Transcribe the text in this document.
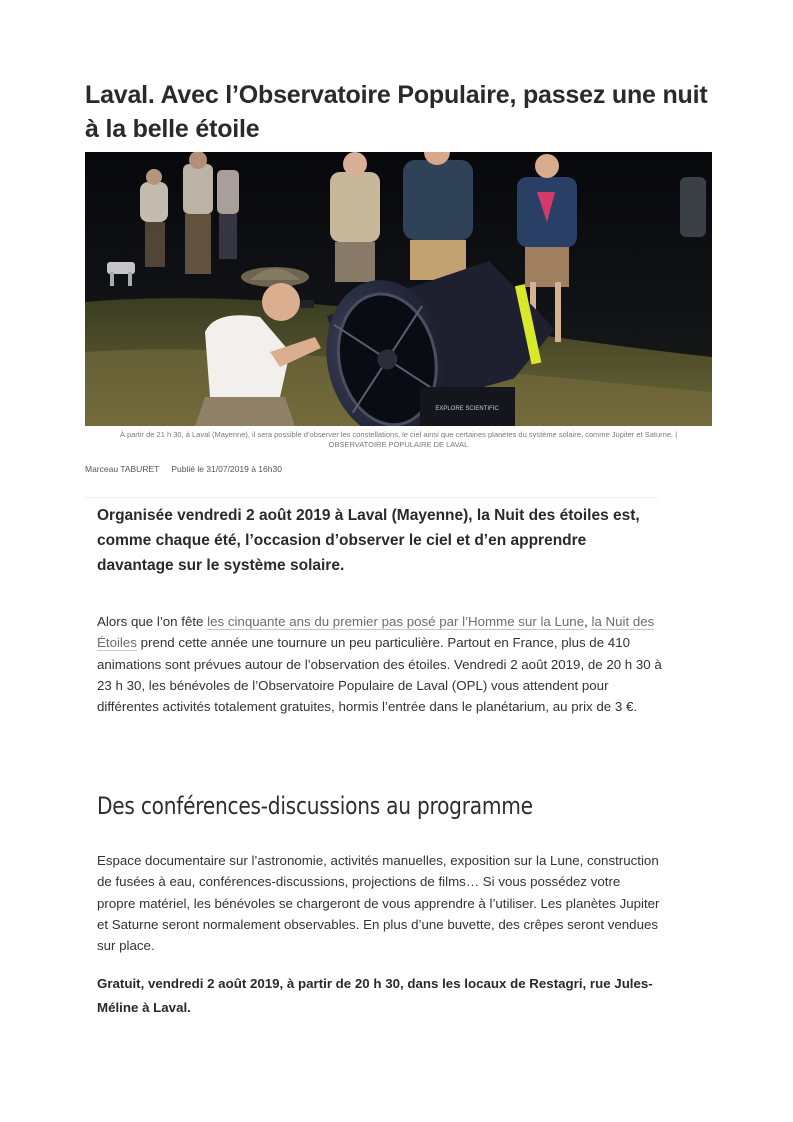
Laval. Avec l’Observatoire Populaire, passez une nuit à la belle étoile
EXPLORE SCIENTIFIC
À partir de 21 h 30, à Laval (Mayenne), il sera possible d’observer les constellations, le ciel ainsi que certaines planètes du système solaire, comme Jupiter et Saturne. |
OBSERVATOIRE POPULAIRE DE LAVAL
Marceau TABURET Publié le 31/07/2019 à 16h30

Organisée vendredi 2 août 2019 à Laval (Mayenne), la Nuit des étoiles est, comme chaque été, l’occasion d’observer le ciel et d’en apprendre davantage sur le système solaire.

Alors que l’on fête les cinquante ans du premier pas posé par l’Homme sur la Lune, la Nuit des Étoiles prend cette année une tournure un peu particulière. Partout en France, plus de 410 animations sont prévues autour de l’observation des étoiles. Vendredi 2 août 2019, de 20 h 30 à 23 h 30, les bénévoles de l’Observatoire Populaire de Laval (OPL) vous attendent pour différentes activités totalement gratuites, hormis l’entrée dans le planétarium, au prix de 3 €.

Des conférences-discussions au programme

Espace documentaire sur l’astronomie, activités manuelles, exposition sur la Lune, construction de fusées à eau, conférences-discussions, projections de films… Si vous possédez votre propre matériel, les bénévoles se chargeront de vous apprendre à l’utiliser. Les planètes Jupiter et Saturne seront normalement observables. En plus d’une buvette, des crêpes seront vendues sur place.

Gratuit, vendredi 2 août 2019, à partir de 20 h 30, dans les locaux de Restagri, rue Jules-Méline à Laval.
